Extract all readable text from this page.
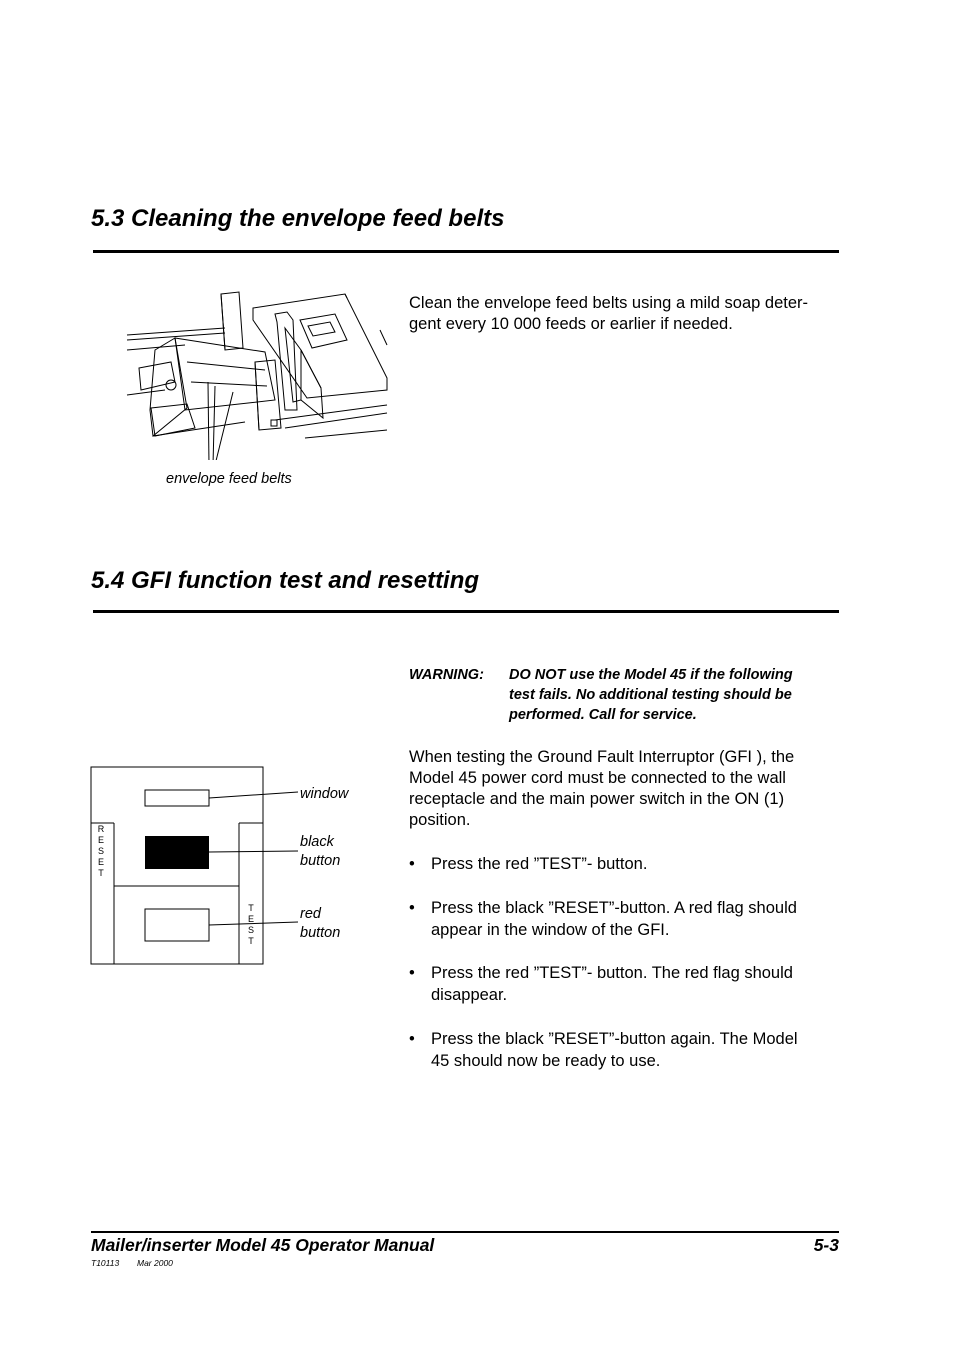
5.3 Cleaning the envelope feed belts
envelope feed belts
Clean the envelope feed belts using a mild soap deter-
gent every 10 000 feeds or earlier if needed.
5.4 GFI function test and resetting
WARNING: DO NOT use the Model 45 if the following
test fails. No additional testing should be
performed. Call for service.
When testing the Ground Fault Interruptor (GFI ), the
Model 45 power cord must be connected to the wall
receptacle and the main power switch in the ON (1)
position.
• Press the red ”TEST”- button.
• Press the black ”RESET”-button. A red flag should
appear in the window of the GFI.
• Press the red ”TEST”- button. The red flag should
disappear.
• Press the black ”RESET”-button again. The Model
45 should now be ready to use.
R
E
S
E
T
T
E
S
T
window
black
button
red
button
Mailer/inserter Model 45 Operator Manual	5-3
T10113 Mar 2000
